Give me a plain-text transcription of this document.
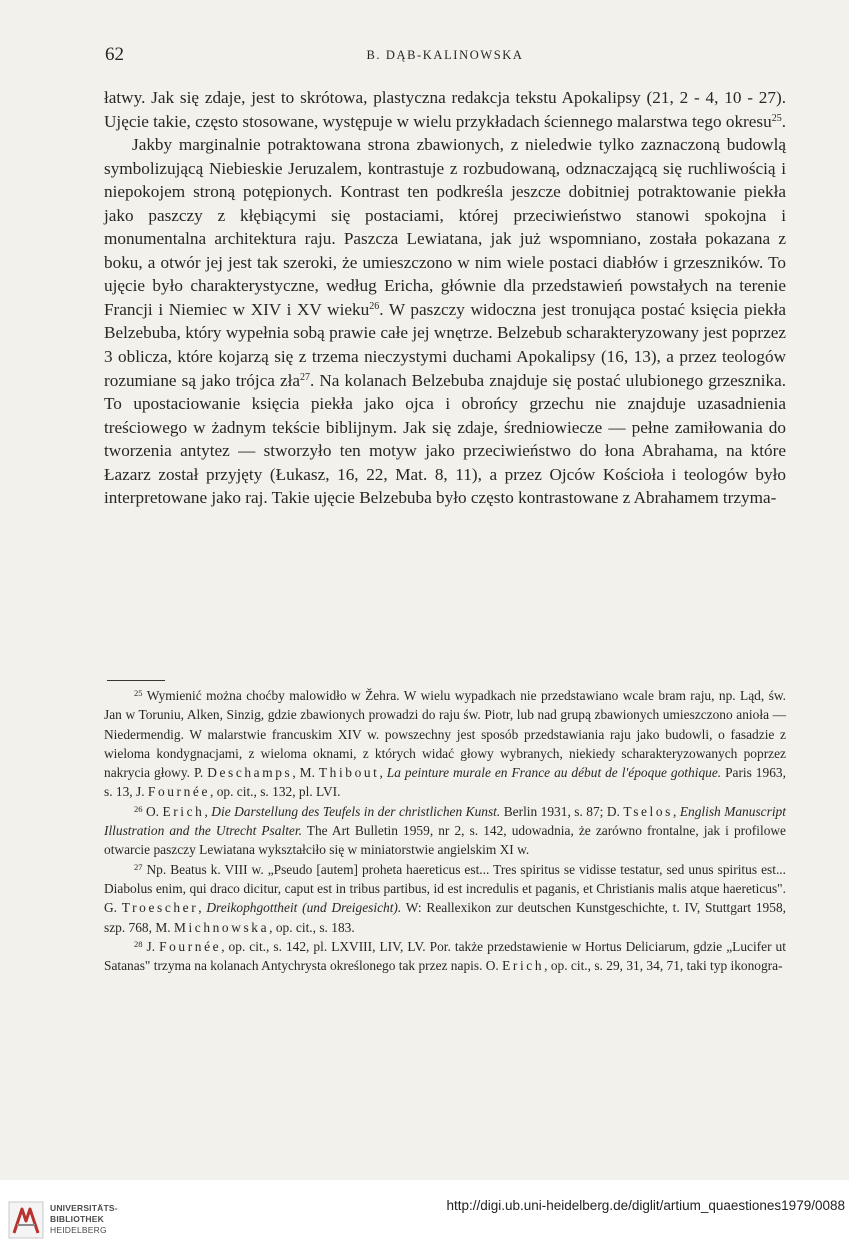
62	B. DĄB-KALINOWSKA

łatwy. Jak się zdaje, jest to skrótowa, plastyczna redakcja tekstu Apokalipsy (21, 2 - 4, 10 - 27). Ujęcie takie, często stosowane, występuje w wielu przykładach ściennego malarstwa tego okresu$^{25}$.

Jakby marginalnie potraktowana strona zbawionych, z nieledwie tylko zaznaczoną budowlą symbolizującą Niebieskie Jeruzalem, kontrastuje z rozbudowaną, odznaczającą się ruchliwością i niepokojem stroną potępionych. Kontrast ten podkreśla jeszcze dobitniej potraktowanie piekła jako paszczy z kłębiącymi się postaciami, której przeciwieństwo stanowi spokojna i monumentalna architektura raju. Paszcza Lewiatana, jak już wspomniano, została pokazana z boku, a otwór jej jest tak szeroki, że umieszczono w nim wiele postaci diabłów i grzeszników. To ujęcie było charakterystyczne, według Ericha, głównie dla przedstawień powstałych na terenie Francji i Niemiec w XIV i XV wieku$^{26}$. W paszczy widoczna jest tronująca postać księcia piekła Belzebuba, który wypełnia sobą prawie całe jej wnętrze. Belzebub scharakteryzowany jest poprzez 3 oblicza, które kojarzą się z trzema nieczystymi duchami Apokalipsy (16, 13), a przez teologów rozumiane są jako trójca zła$^{27}$. Na kolanach Belzebuba znajduje się postać ulubionego grzesznika. To upostaciowanie księcia piekła jako ojca i obrońcy grzechu nie znajduje uzasadnienia treściowego w żadnym tekście biblijnym. Jak się zdaje, średniowiecze — pełne zamiłowania do tworzenia antytez — stworzyło ten motyw jako przeciwieństwo do łona Abrahama, na które Łazarz został przyjęty (Łukasz, 16, 22, Mat. 8, 11), a przez Ojców Kościoła i teologów było interpretowane jako raj. Takie ujęcie Belzebuba było często kontrastowane z Abrahamem trzyma-

$^{25}$ Wymienić można choćby malowidło w Žehra. W wielu wypadkach nie przedstawiano wcale bram raju, np. Ląd, św. Jan w Toruniu, Alken, Sinzig, gdzie zbawionych prowadzi do raju św. Piotr, lub nad grupą zbawionych umieszczono anioła — Niedermendig. W malarstwie francuskim XIV w. powszechny jest sposób przedstawiania raju jako budowli, o fasadzie z wieloma kondygnacjami, z wieloma oknami, z których widać głowy wybranych, niekiedy scharakteryzowanych poprzez nakrycia głowy. P. Deschamps, M. Thibout, La peinture murale en France au début de l'époque gothique. Paris 1963, s. 13, J. Fournée, op. cit., s. 132, pl. LVI.

$^{26}$ O. Erich, Die Darstellung des Teufels in der christlichen Kunst. Berlin 1931, s. 87; D. Tselos, English Manuscript Illustration and the Utrecht Psalter. The Art Bulletin 1959, nr 2, s. 142, udowadnia, że zarówno frontalne, jak i profilowe otwarcie paszczy Lewiatana wykształciło się w miniatorstwie angielskim XI w.

$^{27}$ Np. Beatus k. VIII w. „Pseudo [autem] proheta haereticus est... Tres spiritus se vidisse testatur, sed unus spiritus est... Diabolus enim, qui draco dicitur, caput est in tribus partibus, id est incredulis et paganis, et Christianis malis atque haereticus". G. Troescher, Dreikophgottheit (und Dreigesicht). W: Reallexikon zur deutschen Kunstgeschichte, t. IV, Stuttgart 1958, szp. 768, M. Michnowska, op. cit., s. 183.

$^{28}$ J. Fournée, op. cit., s. 142, pl. LXVIII, LIV, LV. Por. także przedstawienie w Hortus Deliciarum, gdzie „Lucifer ut Satanas" trzyma na kolanach Antychrysta określonego tak przez napis. O. Erich, op. cit., s. 29, 31, 34, 71, taki typ ikonogra-

UNIVERSITÄTS-
BIBLIOTHEK
HEIDELBERG
http://digi.ub.uni-heidelberg.de/diglit/artium_quaestiones1979/0088
